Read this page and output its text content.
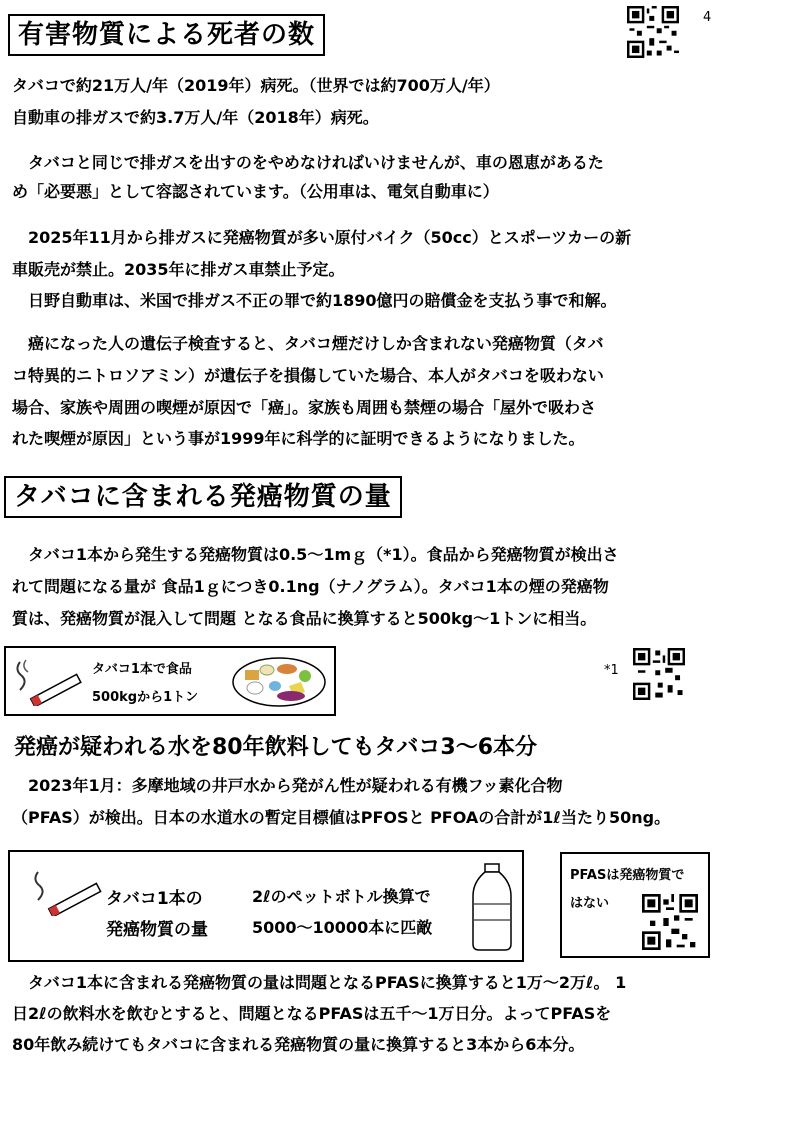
有害物質による死者の数
4
タバコで約21万人/年（2019年）病死。（世界では約700万人/年）
自動車の排ガスで約3.7万人/年（2018年）病死。
　タバコと同じで排ガスを出すのをやめなければいけませんが、車の恩恵があるた
め「必要悪」として容認されています。（公用車は、電気自動車に）
　2025年11月から排ガスに発癌物質が多い原付バイク（50cc）とスポーツカーの新
車販売が禁止。2035年に排ガス車禁止予定。
　日野自動車は、米国で排ガス不正の罪で約1890億円の賠償金を支払う事で和解。
　癌になった人の遺伝子検査すると、タバコ煙だけしか含まれない発癌物質（タバ
コ特異的ニトロソアミン）が遺伝子を損傷していた場合、本人がタバコを吸わない
場合、家族や周囲の喫煙が原因で「癌」。家族も周囲も禁煙の場合「屋外で吸わさ
れた喫煙が原因」という事が1999年に科学的に証明できるようになりました。
タバコに含まれる発癌物質の量
　タバコ1本から発生する発癌物質は0.5～1mｇ（*1）。食品から発癌物質が検出さ
れて問題になる量が 食品1ｇにつき0.1ng（ナノグラム）。タバコ1本の煙の発癌物
質は、発癌物質が混入して問題 となる食品に換算すると500kg～1トンに相当。
タバコ1本で食品
500kgから1トン
*1
発癌が疑われる水を80年飲料してもタバコ3～6本分
　2023年1月：多摩地域の井戸水から発がん性が疑われる有機フッ素化合物
（PFAS）が検出。日本の水道水の暫定目標値はPFOSと PFOAの合計が1ℓ当たり50ng。
タバコ1本の
発癌物質の量
2ℓのペットボトル換算で
5000～10000本に匹敵
PFASは発癌物質で
はない
　タバコ1本に含まれる発癌物質の量は問題となるPFASに換算すると1万～2万ℓ。 1
日2ℓの飲料水を飲むとすると、問題となるPFASは五千～1万日分。よってPFASを
80年飲み続けてもタバコに含まれる発癌物質の量に換算すると3本から6本分。
